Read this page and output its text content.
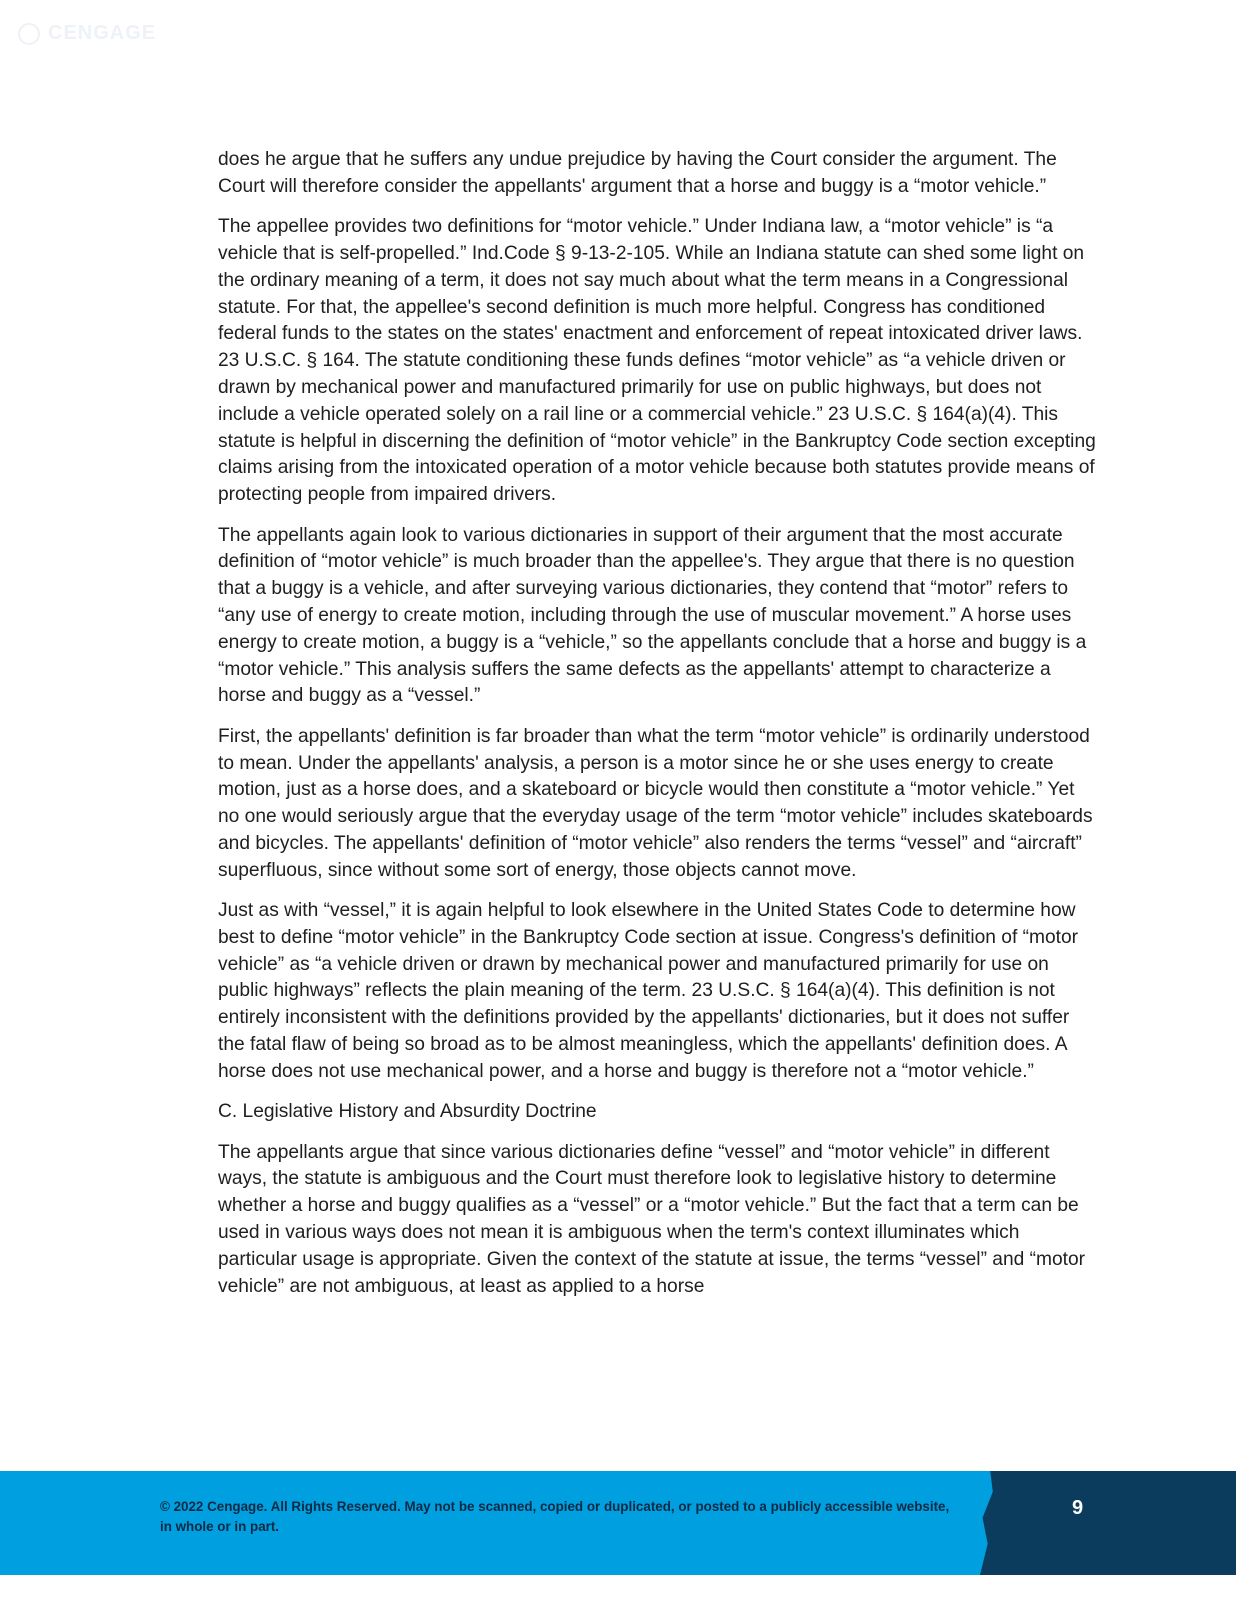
CENGAGE

does he argue that he suffers any undue prejudice by having the Court consider the argument. The Court will therefore consider the appellants' argument that a horse and buggy is a “motor vehicle.”

The appellee provides two definitions for “motor vehicle.” Under Indiana law, a “motor vehicle” is “a vehicle that is self-propelled.” Ind.Code § 9-13-2-105. While an Indiana statute can shed some light on the ordinary meaning of a term, it does not say much about what the term means in a Congressional statute. For that, the appellee's second definition is much more helpful. Congress has conditioned federal funds to the states on the states' enactment and enforcement of repeat intoxicated driver laws. 23 U.S.C. § 164. The statute conditioning these funds defines “motor vehicle” as “a vehicle driven or drawn by mechanical power and manufactured primarily for use on public highways, but does not include a vehicle operated solely on a rail line or a commercial vehicle.” 23 U.S.C. § 164(a)(4). This statute is helpful in discerning the definition of “motor vehicle” in the Bankruptcy Code section excepting claims arising from the intoxicated operation of a motor vehicle because both statutes provide means of protecting people from impaired drivers.

The appellants again look to various dictionaries in support of their argument that the most accurate definition of “motor vehicle” is much broader than the appellee's. They argue that there is no question that a buggy is a vehicle, and after surveying various dictionaries, they contend that “motor” refers to “any use of energy to create motion, including through the use of muscular movement.” A horse uses energy to create motion, a buggy is a “vehicle,” so the appellants conclude that a horse and buggy is a “motor vehicle.” This analysis suffers the same defects as the appellants' attempt to characterize a horse and buggy as a “vessel.”

First, the appellants' definition is far broader than what the term “motor vehicle” is ordinarily understood to mean. Under the appellants' analysis, a person is a motor since he or she uses energy to create motion, just as a horse does, and a skateboard or bicycle would then constitute a “motor vehicle.” Yet no one would seriously argue that the everyday usage of the term “motor vehicle” includes skateboards and bicycles. The appellants' definition of “motor vehicle” also renders the terms “vessel” and “aircraft” superfluous, since without some sort of energy, those objects cannot move.

Just as with “vessel,” it is again helpful to look elsewhere in the United States Code to determine how best to define “motor vehicle” in the Bankruptcy Code section at issue. Congress's definition of “motor vehicle” as “a vehicle driven or drawn by mechanical power and manufactured primarily for use on public highways” reflects the plain meaning of the term. 23 U.S.C. § 164(a)(4). This definition is not entirely inconsistent with the definitions provided by the appellants' dictionaries, but it does not suffer the fatal flaw of being so broad as to be almost meaningless, which the appellants' definition does. A horse does not use mechanical power, and a horse and buggy is therefore not a “motor vehicle.”

C. Legislative History and Absurdity Doctrine

The appellants argue that since various dictionaries define “vessel” and “motor vehicle” in different ways, the statute is ambiguous and the Court must therefore look to legislative history to determine whether a horse and buggy qualifies as a “vessel” or a “motor vehicle.” But the fact that a term can be used in various ways does not mean it is ambiguous when the term's context illuminates which particular usage is appropriate. Given the context of the statute at issue, the terms “vessel” and “motor vehicle” are not ambiguous, at least as applied to a horse

© 2022 Cengage. All Rights Reserved. May not be scanned, copied or duplicated, or posted to a publicly accessible website, in whole or in part.
9
